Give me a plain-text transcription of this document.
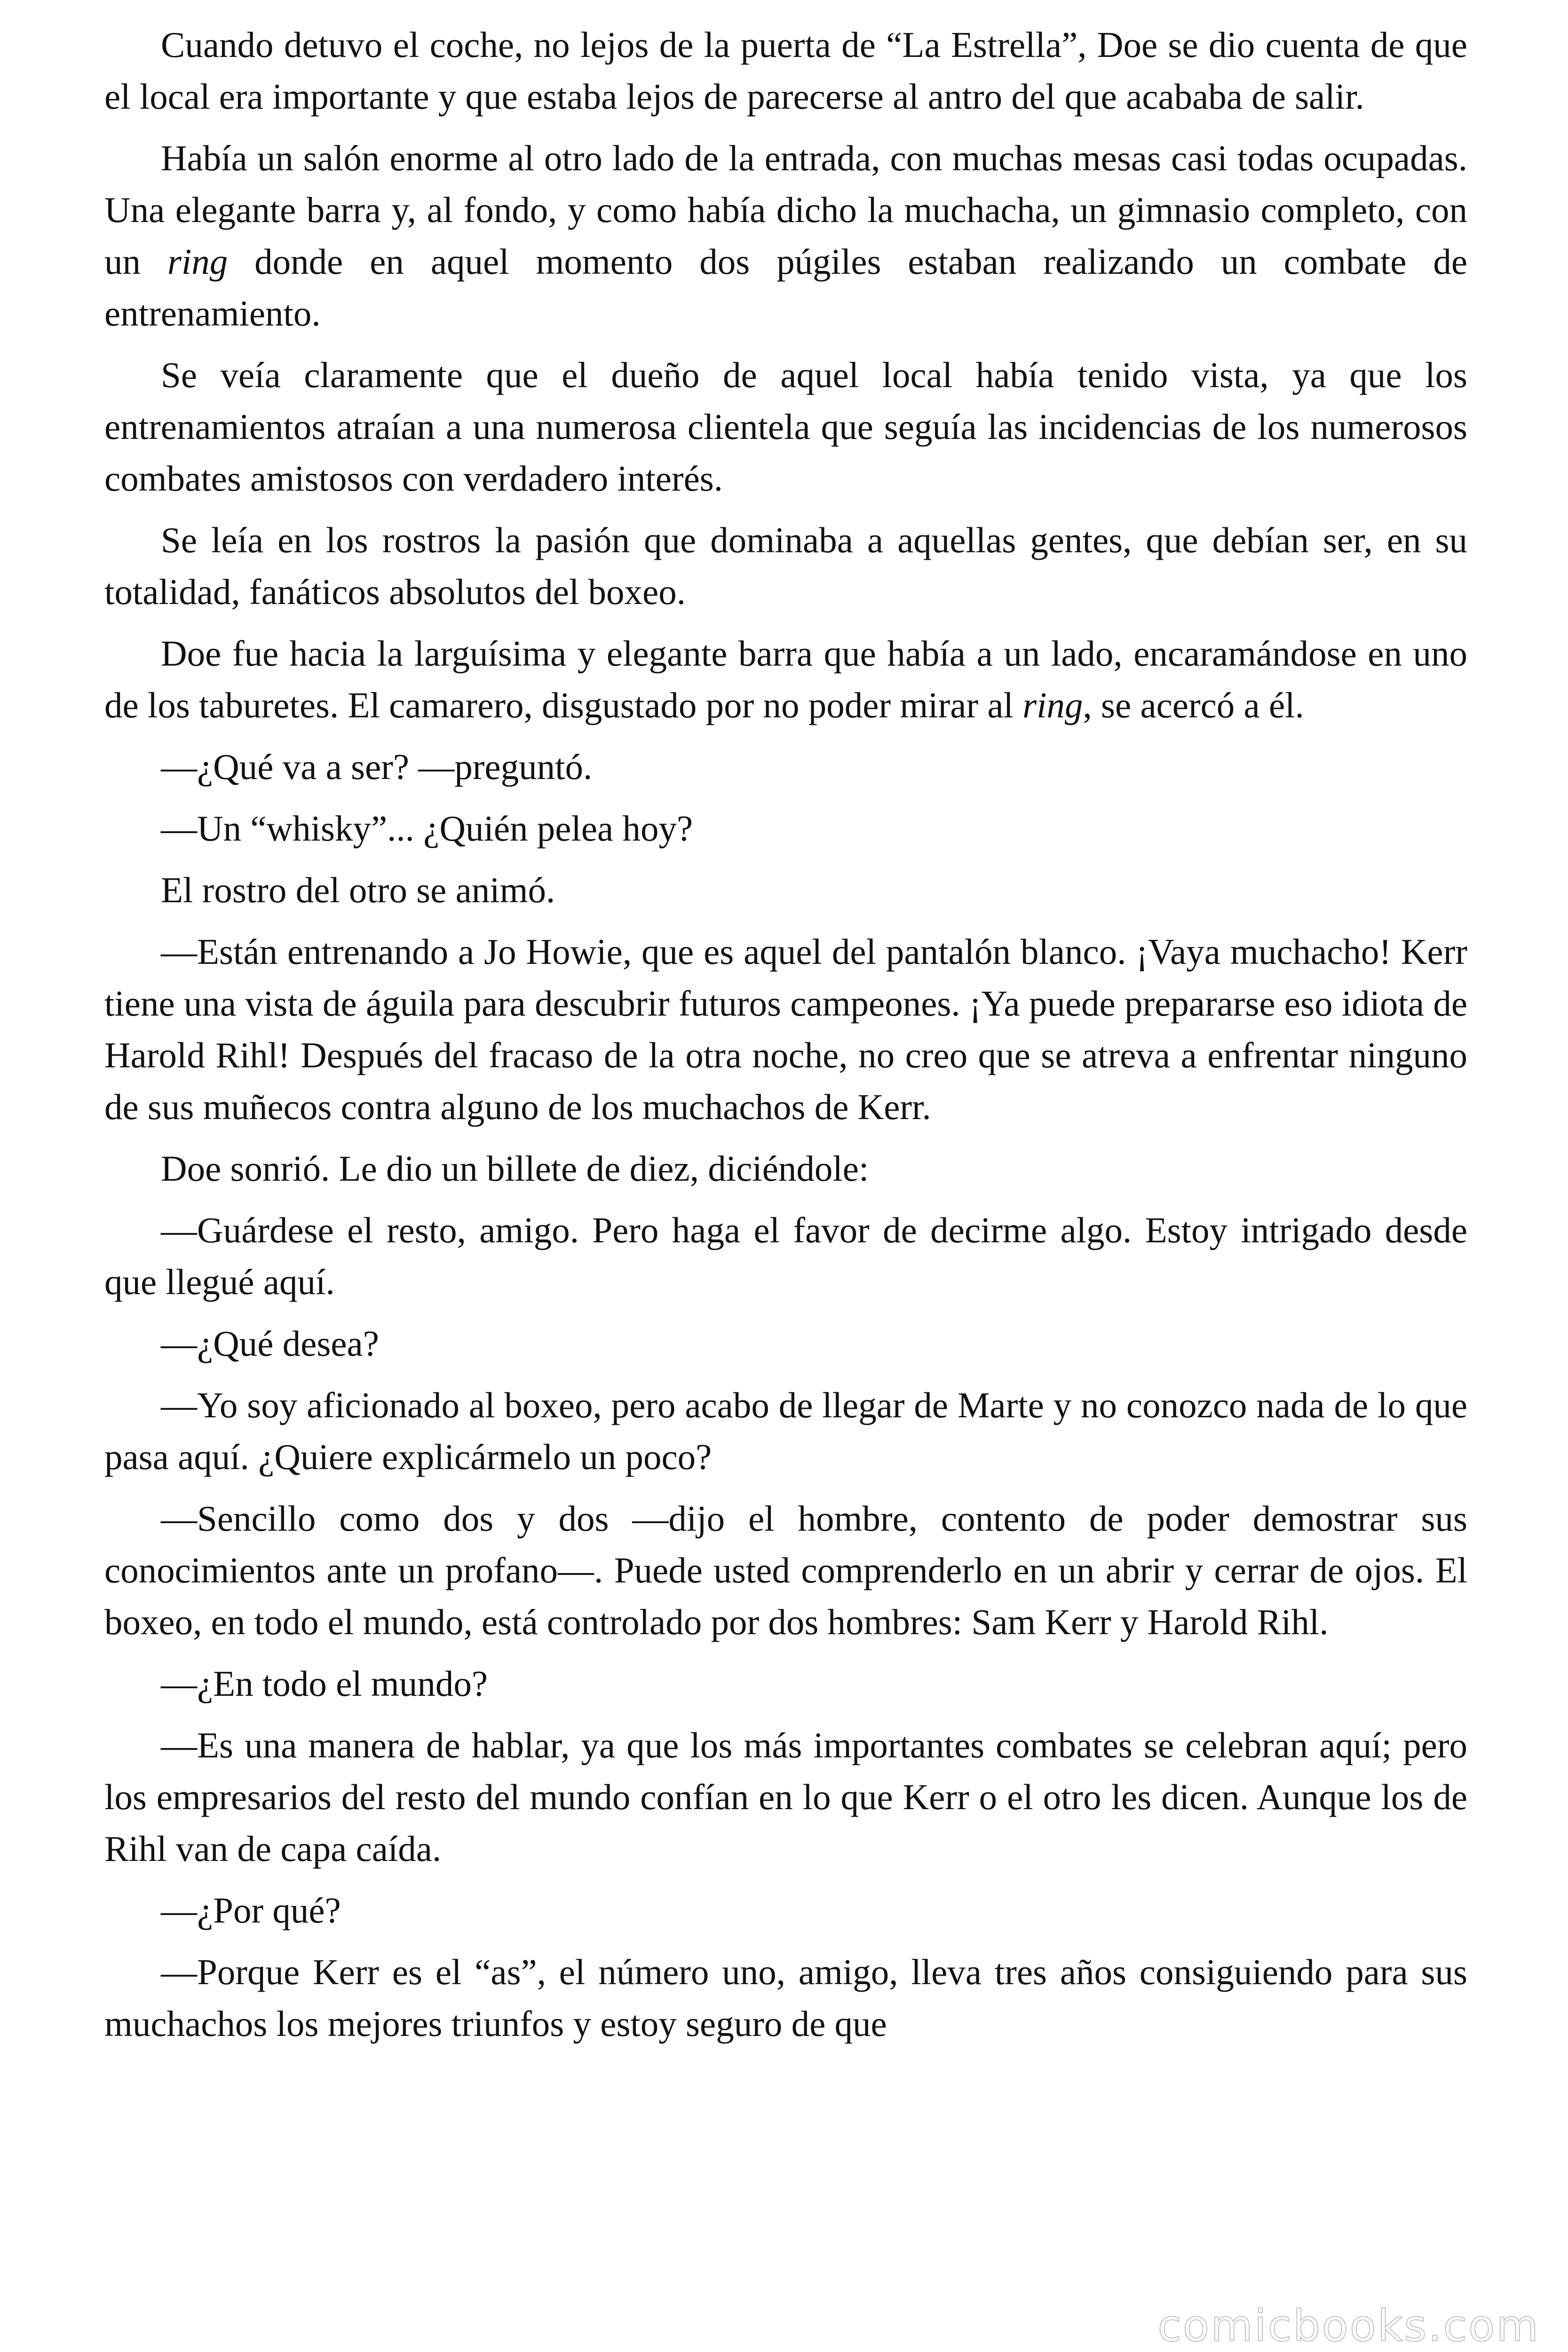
Cuando detuvo el coche, no lejos de la puerta de “La Estrella”, Doe se dio cuenta de que el local era importante y que estaba lejos de parecerse al antro del que acababa de salir.

Había un salón enorme al otro lado de la entrada, con muchas mesas casi todas ocupadas. Una elegante barra y, al fondo, y como había dicho la muchacha, un gimnasio completo, con un ring donde en aquel momento dos púgiles estaban realizando un combate de entrenamiento.

Se veía claramente que el dueño de aquel local había tenido vista, ya que los entrenamientos atraían a una numerosa clientela que seguía las incidencias de los numerosos combates amistosos con verdadero interés.

Se leía en los rostros la pasión que dominaba a aquellas gentes, que debían ser, en su totalidad, fanáticos absolutos del boxeo.

Doe fue hacia la larguísima y elegante barra que había a un lado, encaramándose en uno de los taburetes. El camarero, disgustado por no poder mirar al ring, se acercó a él.

—¿Qué va a ser? —preguntó.

—Un “whisky”... ¿Quién pelea hoy?

El rostro del otro se animó.

—Están entrenando a Jo Howie, que es aquel del pantalón blanco. ¡Vaya muchacho! Kerr tiene una vista de águila para descubrir futuros campeones. ¡Ya puede prepararse eso idiota de Harold Rihl! Después del fracaso de la otra noche, no creo que se atreva a enfrentar ninguno de sus muñecos contra alguno de los muchachos de Kerr.

Doe sonrió. Le dio un billete de diez, diciéndole:

—Guárdese el resto, amigo. Pero haga el favor de decirme algo. Estoy intrigado desde que llegué aquí.

—¿Qué desea?

—Yo soy aficionado al boxeo, pero acabo de llegar de Marte y no conozco nada de lo que pasa aquí. ¿Quiere explicármelo un poco?

—Sencillo como dos y dos —dijo el hombre, contento de poder demostrar sus conocimientos ante un profano—. Puede usted comprenderlo en un abrir y cerrar de ojos. El boxeo, en todo el mundo, está controlado por dos hombres: Sam Kerr y Harold Rihl.

—¿En todo el mundo?

—Es una manera de hablar, ya que los más importantes combates se celebran aquí; pero los empresarios del resto del mundo confían en lo que Kerr o el otro les dicen. Aunque los de Rihl van de capa caída.

—¿Por qué?

—Porque Kerr es el “as”, el número uno, amigo, lleva tres años consiguiendo para sus muchachos los mejores triunfos y estoy seguro de que

comicbooks.com
